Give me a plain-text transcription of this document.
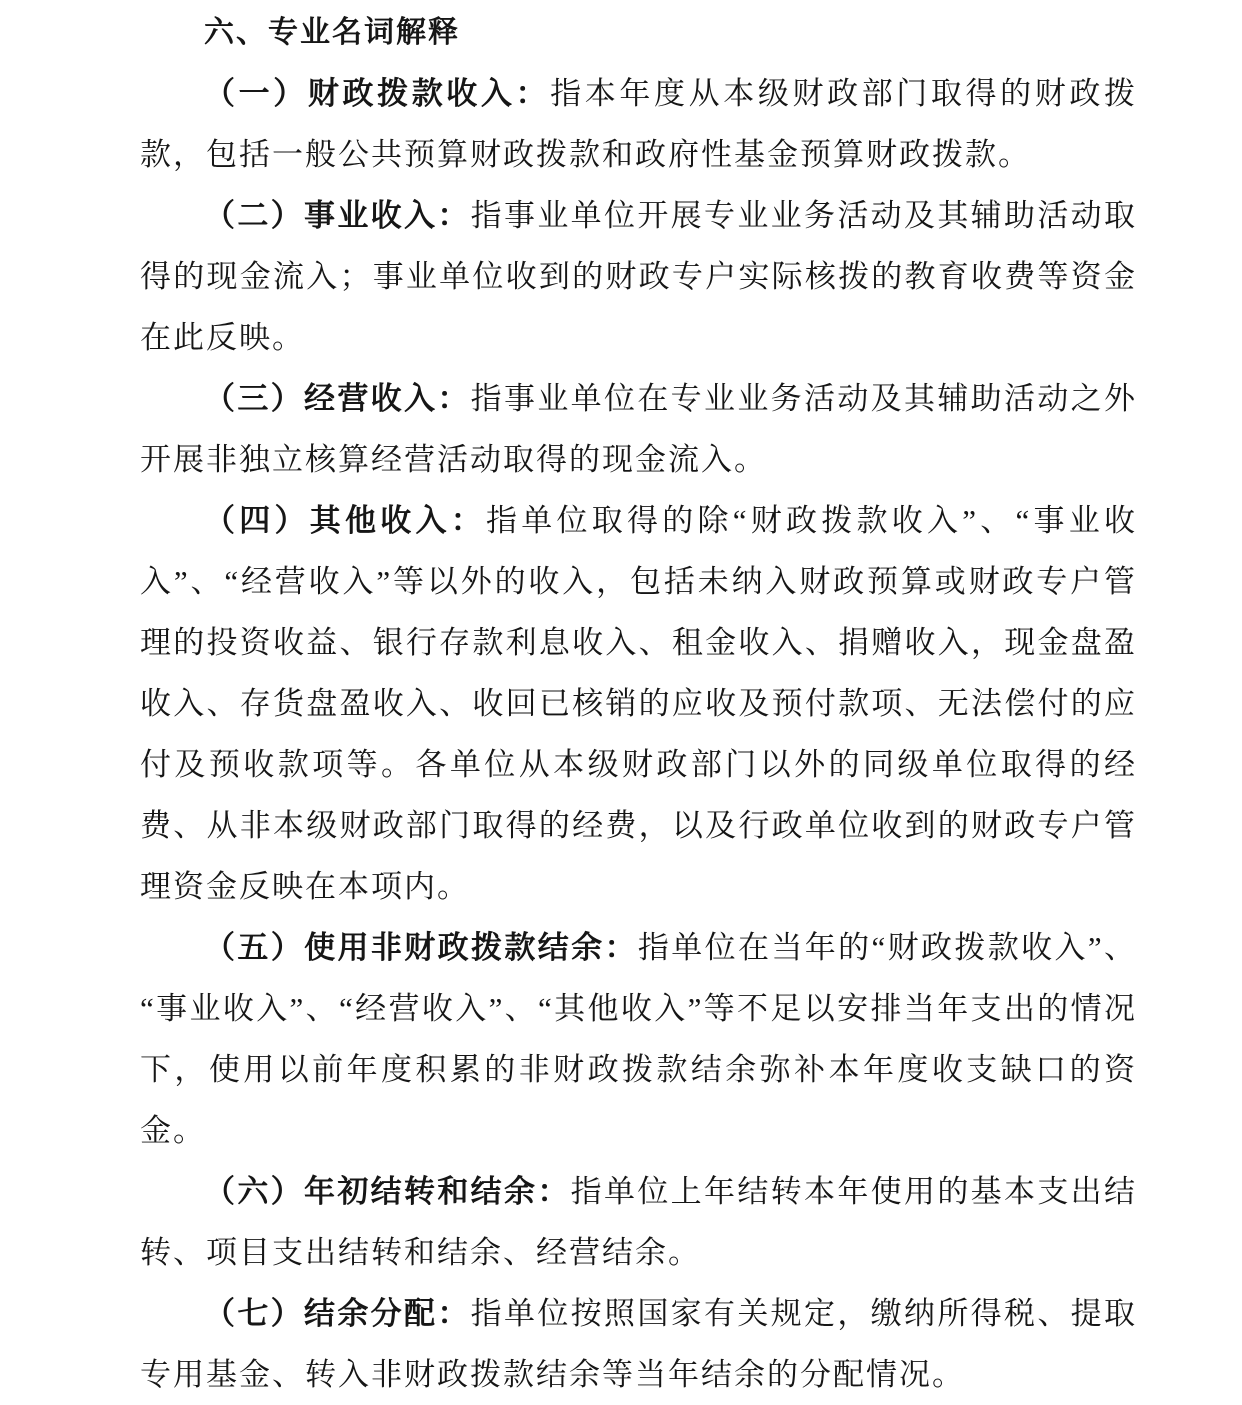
六、专业名词解释

（一）财政拨款收入：指本年度从本级财政部门取得的财政拨款，包括一般公共预算财政拨款和政府性基金预算财政拨款。

（二）事业收入：指事业单位开展专业业务活动及其辅助活动取得的现金流入；事业单位收到的财政专户实际核拨的教育收费等资金在此反映。

（三）经营收入：指事业单位在专业业务活动及其辅助活动之外开展非独立核算经营活动取得的现金流入。

（四）其他收入：指单位取得的除“财政拨款收入”、“事业收入”、“经营收入”等以外的收入，包括未纳入财政预算或财政专户管理的投资收益、银行存款利息收入、租金收入、捐赠收入，现金盘盈收入、存货盘盈收入、收回已核销的应收及预付款项、无法偿付的应付及预收款项等。各单位从本级财政部门以外的同级单位取得的经费、从非本级财政部门取得的经费，以及行政单位收到的财政专户管理资金反映在本项内。

（五）使用非财政拨款结余：指单位在当年的“财政拨款收入”、“事业收入”、“经营收入”、“其他收入”等不足以安排当年支出的情况下，使用以前年度积累的非财政拨款结余弥补本年度收支缺口的资金。

（六）年初结转和结余：指单位上年结转本年使用的基本支出结转、项目支出结转和结余、经营结余。

（七）结余分配：指单位按照国家有关规定，缴纳所得税、提取专用基金、转入非财政拨款结余等当年结余的分配情况。
